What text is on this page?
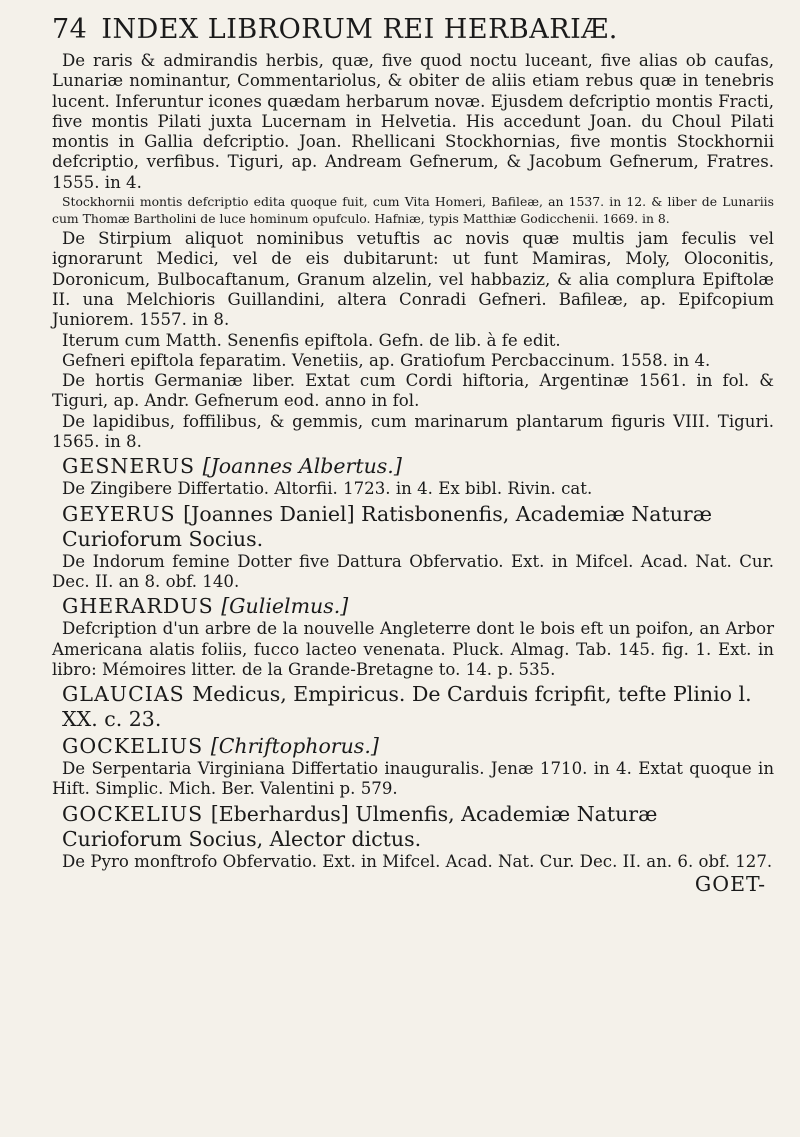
74 INDEX LIBRORUM REI HERBARIÆ.

De raris & admirandis herbis, quæ, five quod noctu luceant, five alias ob caufas, Lunariæ nominantur, Commentariolus, & obiter de aliis etiam rebus quæ in tenebris lucent. Inferuntur icones quædam herbarum novæ. Ejusdem defcriptio montis Fracti, five montis Pilati juxta Lucernam in Helvetia. His accedunt Joan. du Choul Pilati montis in Gallia defcriptio. Joan. Rhellicani Stockhornias, five montis Stockhornii defcriptio, verfibus. Tiguri, ap. Andream Gefnerum, & Jacobum Gefnerum, Fratres. 1555. in 4.

Stockhornii montis defcriptio edita quoque fuit, cum Vita Homeri, Bafileæ, an 1537. in 12. & liber de Lunariis cum Thomæ Bartholini de luce hominum opufculo. Hafniæ, typis Matthiæ Godicchenii. 1669. in 8.

De Stirpium aliquot nominibus vetuftis ac novis quæ multis jam feculis vel ignorarunt Medici, vel de eis dubitarunt: ut funt Mamiras, Moly, Oloconitis, Doronicum, Bulbocaftanum, Granum alzelin, vel habbaziz, & alia complura Epiftolæ II. una Melchioris Guillandini, altera Conradi Gefneri. Bafileæ, ap. Epifcopium Juniorem. 1557. in 8.

Iterum cum Matth. Senenfis epiftola. Gefn. de lib. à fe edit.

Gefneri epiftola feparatim. Venetiis, ap. Gratiofum Percbaccinum. 1558. in 4.

De hortis Germaniæ liber. Extat cum Cordi hiftoria, Argentinæ 1561. in fol. & Tiguri, ap. Andr. Gefnerum eod. anno in fol.

De lapidibus, foffilibus, & gemmis, cum marinarum plantarum figuris VIII. Tiguri. 1565. in 8.

GESNERUS [Joannes Albertus.]

De Zingibere Differtatio. Altorfii. 1723. in 4. Ex bibl. Rivin. cat.

GEYERUS [Joannes Daniel] Ratisbonenfis, Academiæ Naturæ Curioforum Socius.

De Indorum femine Dotter five Dattura Obfervatio. Ext. in Mifcel. Acad. Nat. Cur. Dec. II. an 8. obf. 140.

GHERARDUS [Gulielmus.]

Defcription d'un arbre de la nouvelle Angleterre dont le bois eft un poifon, an Arbor Americana alatis foliis, fucco lacteo venenata. Pluck. Almag. Tab. 145. fig. 1. Ext. in libro: Mémoires litter. de la Grande-Bretagne to. 14. p. 535.

GLAUCIAS Medicus, Empiricus. De Carduis fcripfit, tefte Plinio l. XX. c. 23.
GOCKELIUS [Chriftophorus.]

De Serpentaria Virginiana Differtatio inauguralis. Jenæ 1710. in 4. Extat quoque in Hift. Simplic. Mich. Ber. Valentini p. 579.

GOCKELIUS [Eberhardus] Ulmenfis, Academiæ Naturæ Curioforum Socius, Alector dictus.

De Pyro monftrofo Obfervatio. Ext. in Mifcel. Acad. Nat. Cur. Dec. II. an. 6. obf. 127.

GOET-
